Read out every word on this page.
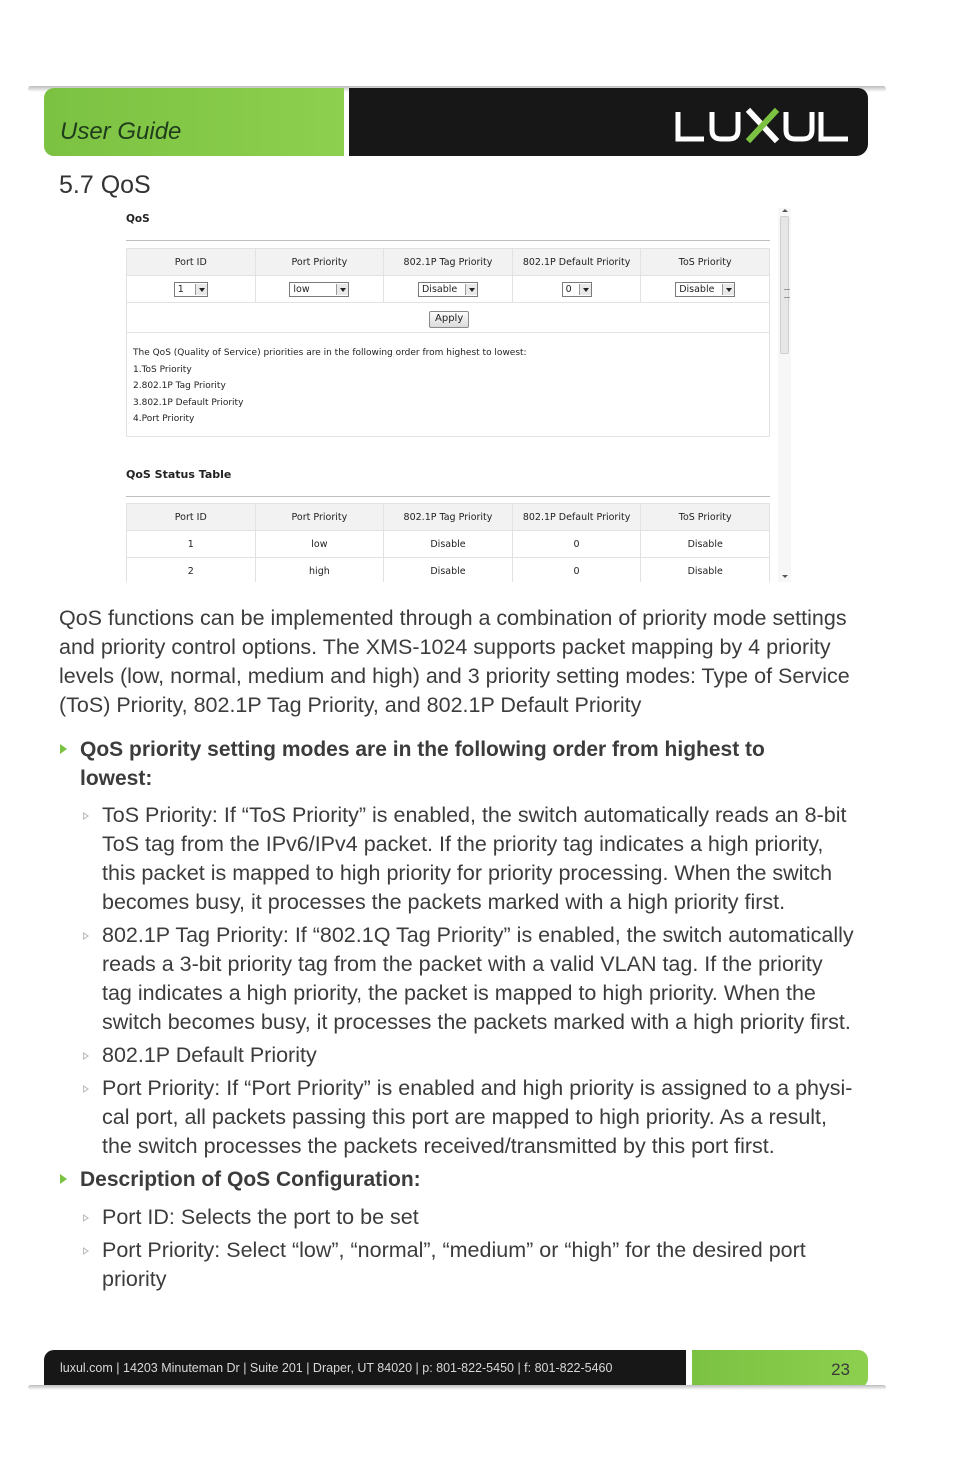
User Guide
5.7 QoS
QoS
Port ID	Port Priority	802.1P Tag Priority	802.1P Default Priority	ToS Priority

1	low	Disable	0	Disable
Apply
The QoS (Quality of Service) priorities are in the following order from highest to lowest:
1.ToS Priority
2.802.1P Tag Priority
3.802.1P Default Priority
4.Port Priority
QoS Status Table
Port ID	Port Priority	802.1P Tag Priority	802.1P Default Priority	ToS Priority
1	low	Disable	0	Disable
2	high	Disable	0	Disable
QoS functions can be implemented through a combination of priority mode settings and priority control options. The XMS-1024 supports packet mapping by 4 priority levels (low, normal, medium and high) and 3 priority setting modes: Type of Service (ToS) Priority, 802.1P Tag Priority, and 802.1P Default Priority
QoS priority setting modes are in the following order from highest to lowest:
ToS Priority: If “ToS Priority” is enabled, the switch automatically reads an 8-bit ToS tag from the IPv6/IPv4 packet. If the priority tag indicates a high priority, this packet is mapped to high priority for priority processing. When the switch becomes busy, it processes the packets marked with a high priority first.
802.1P Tag Priority: If “802.1Q Tag Priority” is enabled, the switch automatically reads a 3-bit priority tag from the packet with a valid VLAN tag. If the priority tag indicates a high priority, the packet is mapped to high priority. When the switch becomes busy, it processes the packets marked with a high priority first.
802.1P Default Priority
Port Priority: If “Port Priority” is enabled and high priority is assigned to a physi-cal port, all packets passing this port are mapped to high priority. As a result, the switch processes the packets received/transmitted by this port first.
Description of QoS Configuration:
Port ID: Selects the port to be set
Port Priority: Select “low”, “normal”, “medium” or “high” for the desired port priority
luxul.com | 14203 Minuteman Dr | Suite 201 | Draper, UT 84020 | p: 801-822-5450 | f: 801-822-5460	23
